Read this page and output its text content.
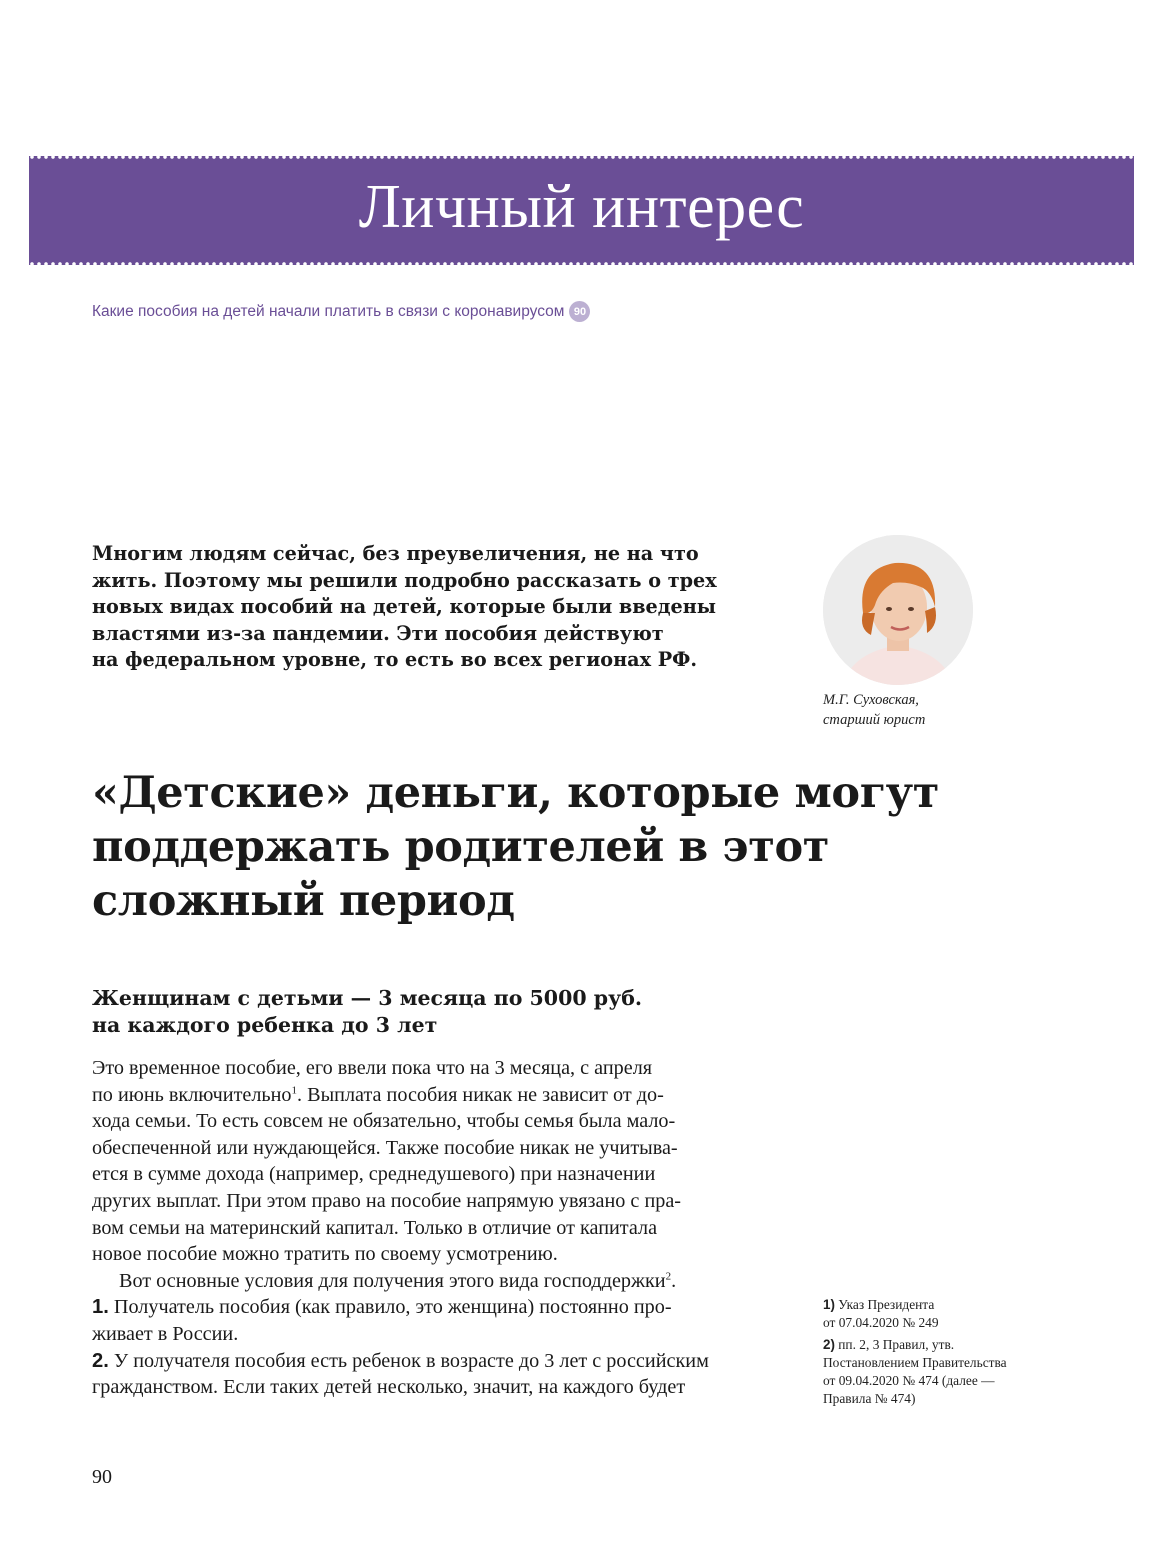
Личный интерес
Какие пособия на детей начали платить в связи с коронавирусом 90

Многим людям сейчас, без преувеличения, не на что
жить. Поэтому мы решили подробно рассказать о трех
новых видах пособий на детей, которые были введены
властями из-за пандемии. Эти пособия действуют
на федеральном уровне, то есть во всех регионах РФ.

М.Г. Суховская,
старший юрист
«Детские» деньги, которые могут
поддержать родителей в этот
сложный период
Женщинам с детьми — 3 месяца по 5000 руб.
на каждого ребенка до 3 лет
Это временное пособие, его ввели пока что на 3 месяца, с апреля
по июнь включительно$^1$. Выплата пособия никак не зависит от до-
хода семьи. То есть совсем не обязательно, чтобы семья была мало-
обеспеченной или нуждающейся. Также пособие никак не учитыва-
ется в сумме дохода (например, среднедушевого) при назначении
других выплат. При этом право на пособие напрямую увязано с пра-
вом семьи на материнский капитал. Только в отличие от капитала
новое пособие можно тратить по своему усмотрению.
Вот основные условия для получения этого вида господдержки$^2$.
1. Получатель пособия (как правило, это женщина) постоянно про-
живает в России.
2. У получателя пособия есть ребенок в возрасте до 3 лет с российским
гражданством. Если таких детей несколько, значит, на каждого будет
1) Указ Президента
от 07.04.2020 № 249
2) пп. 2, 3 Правил, утв.
Постановлением Правительства
от 09.04.2020 № 474 (далее —
Правила № 474)
90
